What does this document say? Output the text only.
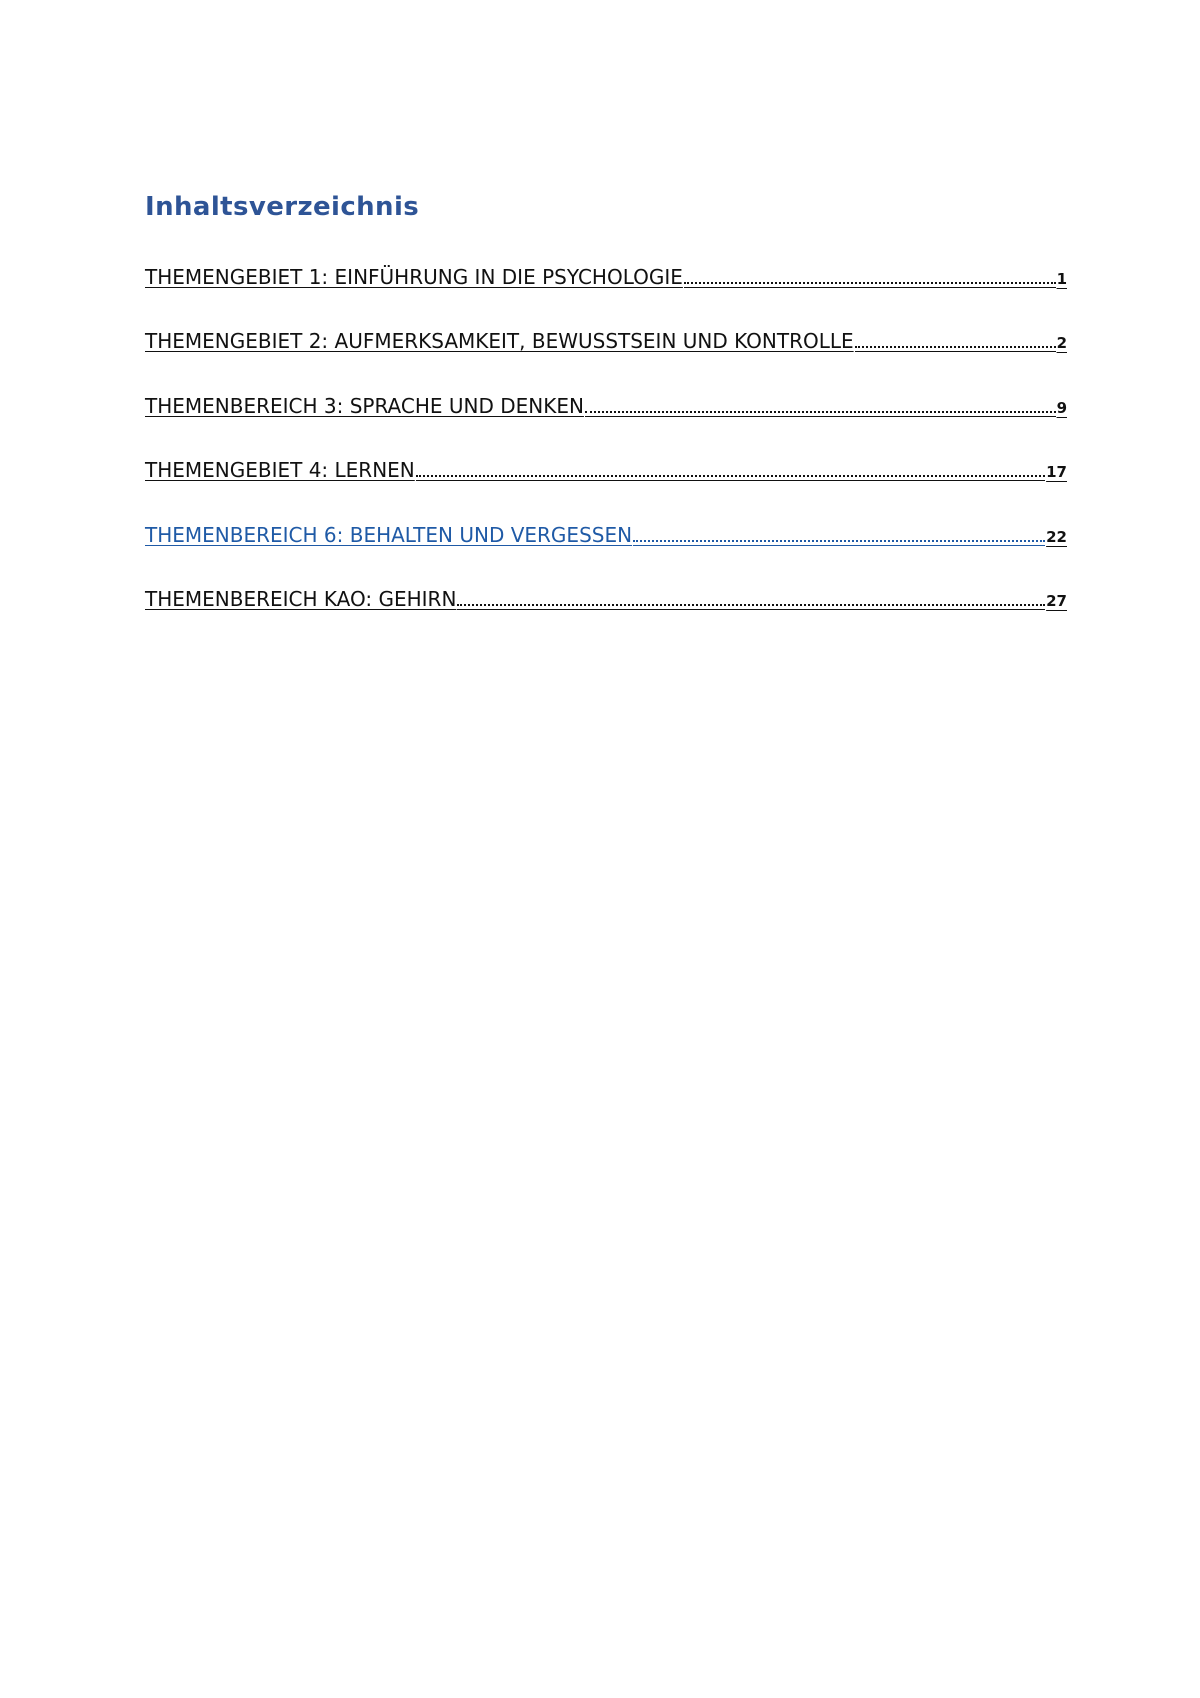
Inhaltsverzeichnis
THEMENGEBIET 1: EINFÜHRUNG IN DIE PSYCHOLOGIE	1
THEMENGEBIET 2: AUFMERKSAMKEIT, BEWUSSTSEIN UND KONTROLLE	2
THEMENBEREICH 3: SPRACHE UND DENKEN	9
THEMENGEBIET 4: LERNEN	17
THEMENBEREICH 6: BEHALTEN UND VERGESSEN	22
THEMENBEREICH KAO: GEHIRN	27
